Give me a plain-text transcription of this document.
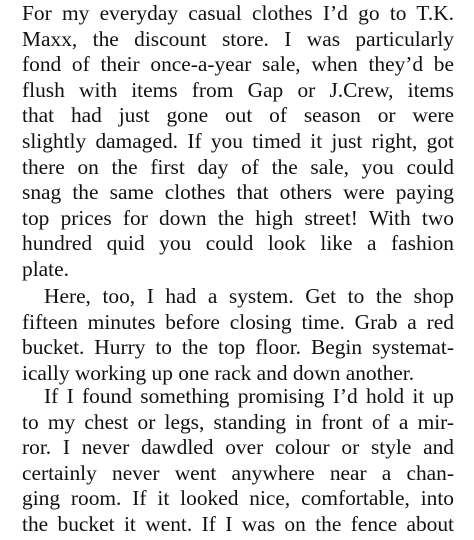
For my everyday casual clothes I’d go to T.K.
Maxx, the discount store. I was particularly
fond of their once-a-year sale, when they’d be
flush with items from Gap or J.Crew, items
that had just gone out of season or were
slightly damaged. If you timed it just right, got
there on the first day of the sale, you could
snag the same clothes that others were paying
top prices for down the high street! With two
hundred quid you could look like a fashion
plate.
Here, too, I had a system. Get to the shop
fifteen minutes before closing time. Grab a red
bucket. Hurry to the top floor. Begin systemat-
ically working up one rack and down another.
If I found something promising I’d hold it up
to my chest or legs, standing in front of a mir-
ror. I never dawdled over colour or style and
certainly never went anywhere near a chan-
ging room. If it looked nice, comfortable, into
the bucket it went. If I was on the fence about
